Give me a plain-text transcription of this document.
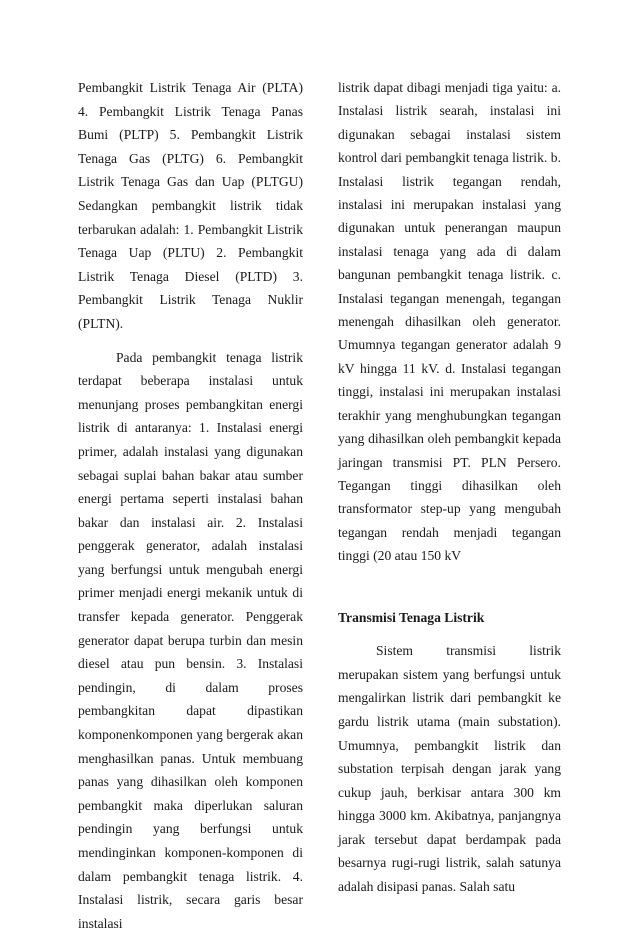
Pembangkit Listrik Tenaga Air (PLTA) 4. Pembangkit Listrik Tenaga Panas Bumi (PLTP) 5. Pembangkit Listrik Tenaga Gas (PLTG) 6. Pembangkit Listrik Tenaga Gas dan Uap (PLTGU) Sedangkan pembangkit listrik tidak terbarukan adalah: 1. Pembangkit Listrik Tenaga Uap (PLTU) 2. Pembangkit Listrik Tenaga Diesel (PLTD) 3. Pembangkit Listrik Tenaga Nuklir (PLTN).

Pada pembangkit tenaga listrik terdapat beberapa instalasi untuk menunjang proses pembangkitan energi listrik di antaranya: 1. Instalasi energi primer, adalah instalasi yang digunakan sebagai suplai bahan bakar atau sumber energi pertama seperti instalasi bahan bakar dan instalasi air. 2. Instalasi penggerak generator, adalah instalasi yang berfungsi untuk mengubah energi primer menjadi energi mekanik untuk di transfer kepada generator. Penggerak generator dapat berupa turbin dan mesin diesel atau pun bensin. 3. Instalasi pendingin, di dalam proses pembangkitan dapat dipastikan komponenkomponen yang bergerak akan menghasilkan panas. Untuk membuang panas yang dihasilkan oleh komponen pembangkit maka diperlukan saluran pendingin yang berfungsi untuk mendinginkan komponen-komponen di dalam pembangkit tenaga listrik. 4. Instalasi listrik, secara garis besar instalasi

listrik dapat dibagi menjadi tiga yaitu: a. Instalasi listrik searah, instalasi ini digunakan sebagai instalasi sistem kontrol dari pembangkit tenaga listrik. b. Instalasi listrik tegangan rendah, instalasi ini merupakan instalasi yang digunakan untuk penerangan maupun instalasi tenaga yang ada di dalam bangunan pembangkit tenaga listrik. c. Instalasi tegangan menengah, tegangan menengah dihasilkan oleh generator. Umumnya tegangan generator adalah 9 kV hingga 11 kV. d. Instalasi tegangan tinggi, instalasi ini merupakan instalasi terakhir yang menghubungkan tegangan yang dihasilkan oleh pembangkit kepada jaringan transmisi PT. PLN Persero. Tegangan tinggi dihasilkan oleh transformator step-up yang mengubah tegangan rendah menjadi tegangan tinggi (20 atau 150 kV

Transmisi Tenaga Listrik

Sistem transmisi listrik merupakan sistem yang berfungsi untuk mengalirkan listrik dari pembangkit ke gardu listrik utama (main substation). Umumnya, pembangkit listrik dan substation terpisah dengan jarak yang cukup jauh, berkisar antara 300 km hingga 3000 km. Akibatnya, panjangnya jarak tersebut dapat berdampak pada besarnya rugi-rugi listrik, salah satunya adalah disipasi panas. Salah satu
